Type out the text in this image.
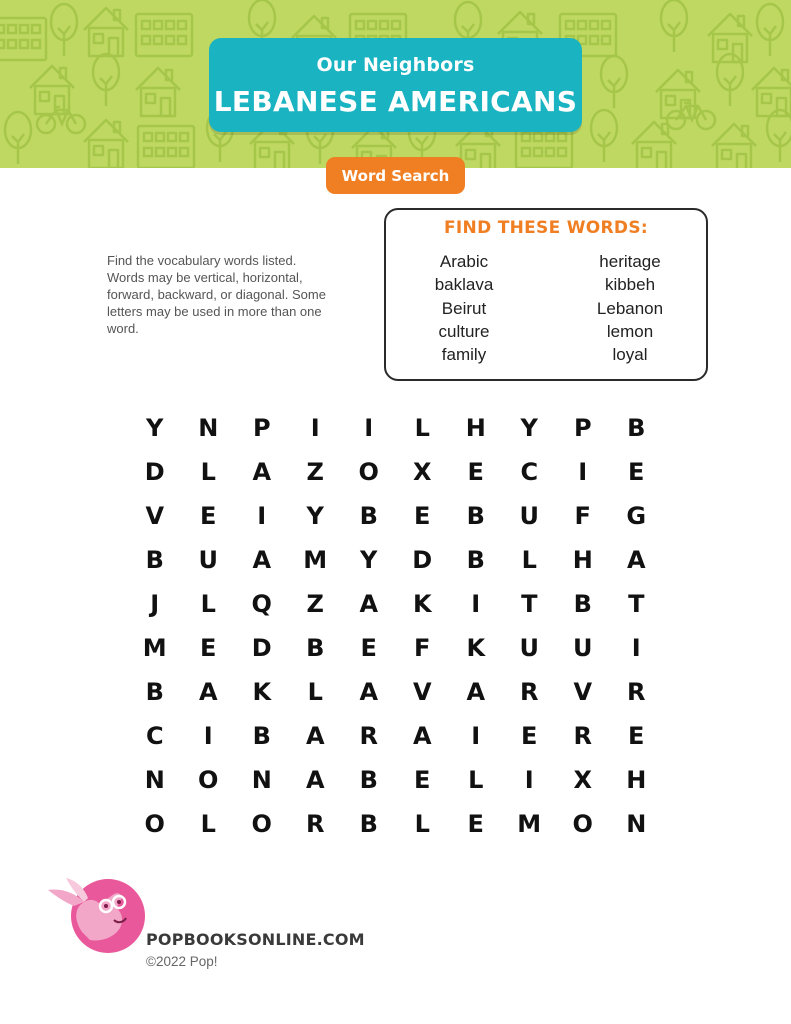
Our Neighbors
LEBANESE AMERICANS
Word Search

Find the vocabulary words listed. Words may be vertical, horizontal, forward, backward, or diagonal. Some letters may be used in more than one word.

FIND THESE WORDS:
Arabic
baklava
Beirut
culture
family
heritage
kibbeh
Lebanon
lemon
loyal
Y	N	P	I	I	L	H	Y	P	B
D	L	A	Z	O	X	E	C	I	E
V	E	I	Y	B	E	B	U	F	G
B	U	A	M	Y	D	B	L	H	A
J	L	Q	Z	A	K	I	T	B	T
M	E	D	B	E	F	K	U	U	I
B	A	K	L	A	V	A	R	V	R
C	I	B	A	R	A	I	E	R	E
N	O	N	A	B	E	L	I	X	H
O	L	O	R	B	L	E	M	O	N
POPBOOKSONLINE.COM
©2022 Pop!
